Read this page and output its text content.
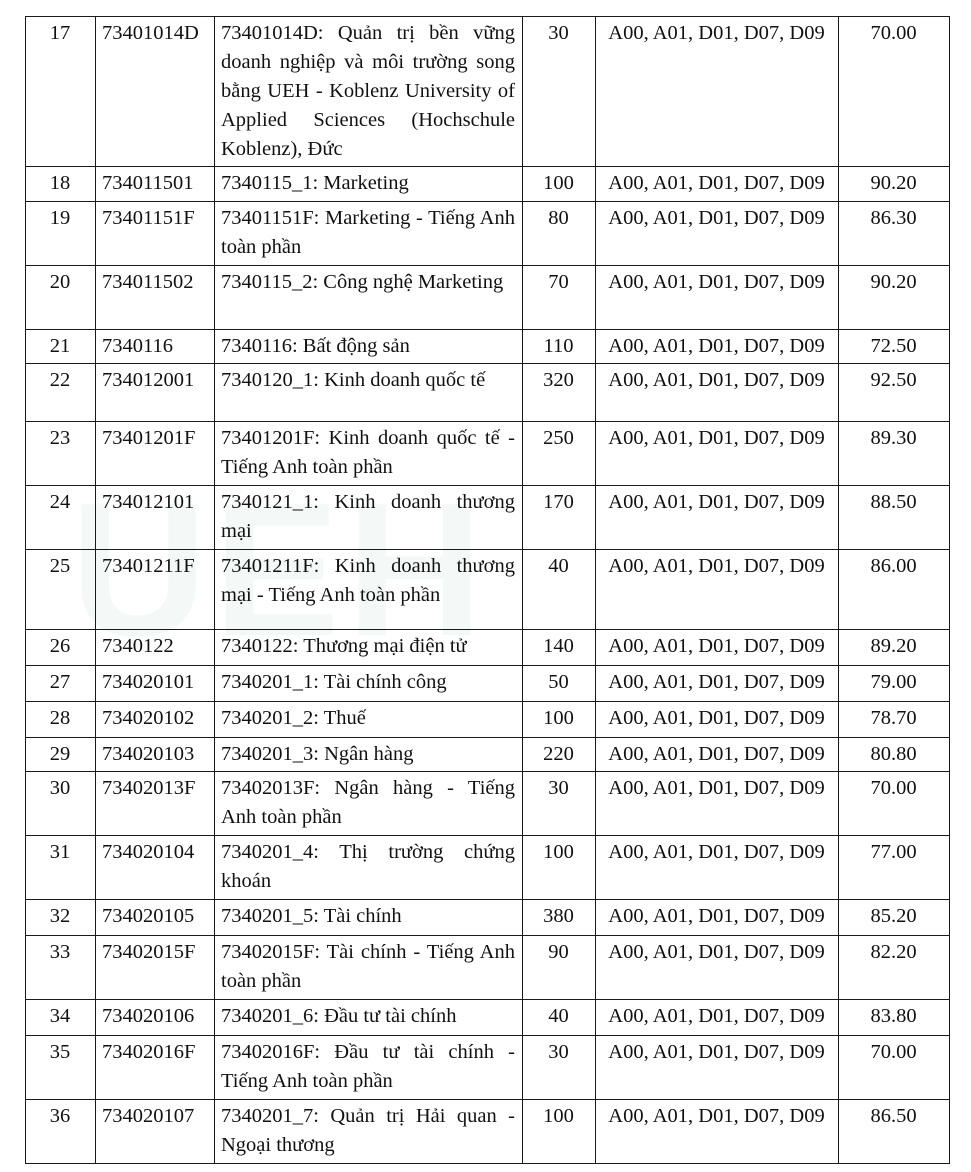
17	73401014D	73401014D: Quản trị bền vững doanh nghiệp và môi trường song bằng UEH - Koblenz University of Applied Sciences (Hochschule Koblenz), Đức	30	A00, A01, D01, D07, D09	70.00
18	734011501	7340115_1: Marketing	100	A00, A01, D01, D07, D09	90.20
19	73401151F	73401151F: Marketing - Tiếng Anh toàn phần	80	A00, A01, D01, D07, D09	86.30
20	734011502	7340115_2: Công nghệ Marketing	70	A00, A01, D01, D07, D09	90.20
21	7340116	7340116: Bất động sản	110	A00, A01, D01, D07, D09	72.50
22	734012001	7340120_1: Kinh doanh quốc tế	320	A00, A01, D01, D07, D09	92.50
23	73401201F	73401201F: Kinh doanh quốc tế - Tiếng Anh toàn phần	250	A00, A01, D01, D07, D09	89.30
24	734012101	7340121_1: Kinh doanh thương mại	170	A00, A01, D01, D07, D09	88.50
25	73401211F	73401211F: Kinh doanh thương mại - Tiếng Anh toàn phần	40	A00, A01, D01, D07, D09	86.00
26	7340122	7340122: Thương mại điện tử	140	A00, A01, D01, D07, D09	89.20
27	734020101	7340201_1: Tài chính công	50	A00, A01, D01, D07, D09	79.00
28	734020102	7340201_2: Thuế	100	A00, A01, D01, D07, D09	78.70
29	734020103	7340201_3: Ngân hàng	220	A00, A01, D01, D07, D09	80.80
30	73402013F	73402013F: Ngân hàng - Tiếng Anh toàn phần	30	A00, A01, D01, D07, D09	70.00
31	734020104	7340201_4: Thị trường chứng khoán	100	A00, A01, D01, D07, D09	77.00
32	734020105	7340201_5: Tài chính	380	A00, A01, D01, D07, D09	85.20
33	73402015F	73402015F: Tài chính - Tiếng Anh toàn phần	90	A00, A01, D01, D07, D09	82.20
34	734020106	7340201_6: Đầu tư tài chính	40	A00, A01, D01, D07, D09	83.80
35	73402016F	73402016F: Đầu tư tài chính - Tiếng Anh toàn phần	30	A00, A01, D01, D07, D09	70.00
36	734020107	7340201_7: Quản trị Hải quan - Ngoại thương	100	A00, A01, D01, D07, D09	86.50
